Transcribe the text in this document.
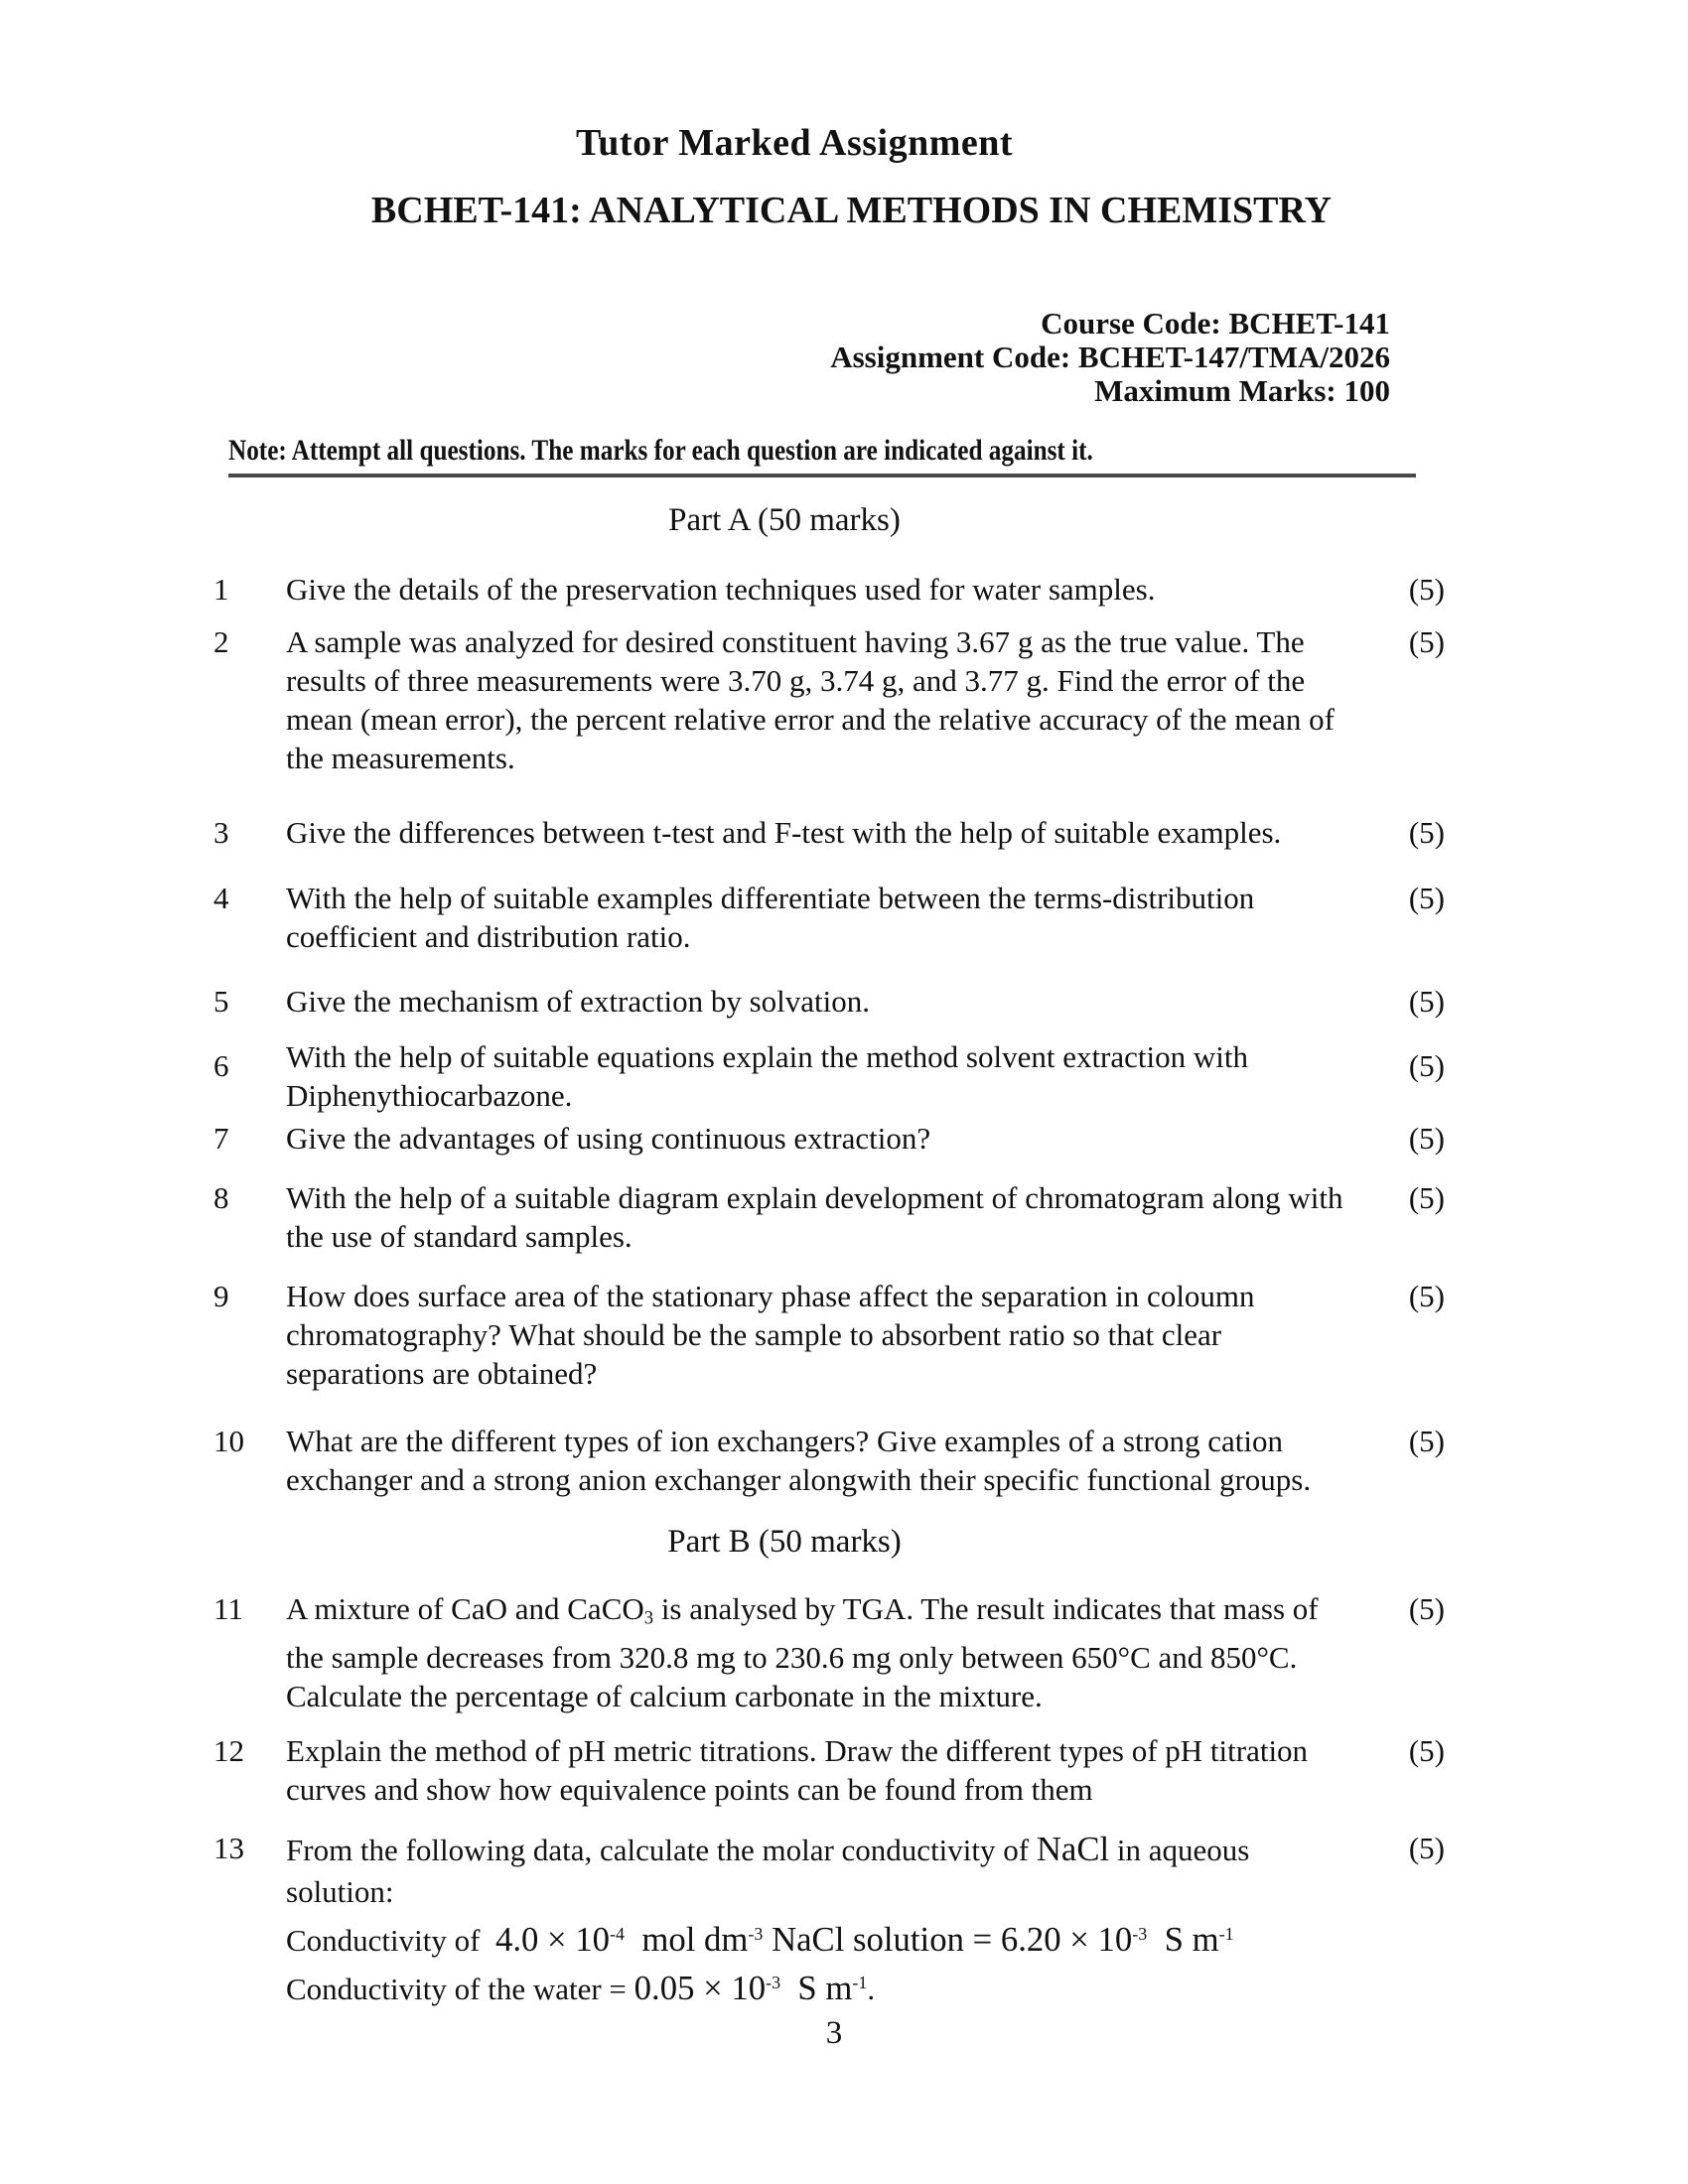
Tutor Marked Assignment
BCHET-141: ANALYTICAL METHODS IN CHEMISTRY
Course Code: BCHET-141
Assignment Code: BCHET-147/TMA/2026
Maximum Marks: 100
Note: Attempt all questions. The marks for each question are indicated against it.
Part A (50 marks)
Part B (50 marks)
1	Give the details of the preservation techniques used for water samples.	(5)
2	A sample was analyzed for desired constituent having 3.67 g as the true value. The
results of three measurements were 3.70 g, 3.74 g, and 3.77 g. Find the error of the
mean (mean error), the percent relative error and the relative accuracy of the mean of
the measurements.
(5)
3	Give the differences between t-test and F-test with the help of suitable examples.	(5)
4	With the help of suitable examples differentiate between the terms-distribution
coefficient and distribution ratio.
(5)
5	Give the mechanism of extraction by solvation.	(5)
6	With the help of suitable equations explain the method solvent extraction with
Diphenythiocarbazone.
(5)
7	Give the advantages of using continuous extraction?	(5)
8	With the help of a suitable diagram explain development of chromatogram along with
the use of standard samples.
(5)
9	How does surface area of the stationary phase affect the separation in coloumn
chromatography? What should be the sample to absorbent ratio so that clear
separations are obtained?
(5)
10	What are the different types of ion exchangers? Give examples of a strong cation
exchanger and a strong anion exchanger alongwith their specific functional groups.
(5)
11	A mixture of CaO and CaCO$_3$ is analysed by TGA. The result indicates that mass of
the sample decreases from 320.8 mg to 230.6 mg only between 650°C and 850°C.
Calculate the percentage of calcium carbonate in the mixture.
(5)
12	Explain the method of pH metric titrations. Draw the different types of pH titration
curves and show how equivalence points can be found from them
(5)
13	From the following data, calculate the molar conductivity of NaCl in aqueous
solution:
Conductivity of  $4.0 \times 10^{-4}$  mol $dm^{-3}$ NaCl solution = $6.20 \times 10^{-3}$  S $m^{-1}$
Conductivity of the water = $0.05 \times 10^{-3}$  S $m^{-1}$.
(5)
3
